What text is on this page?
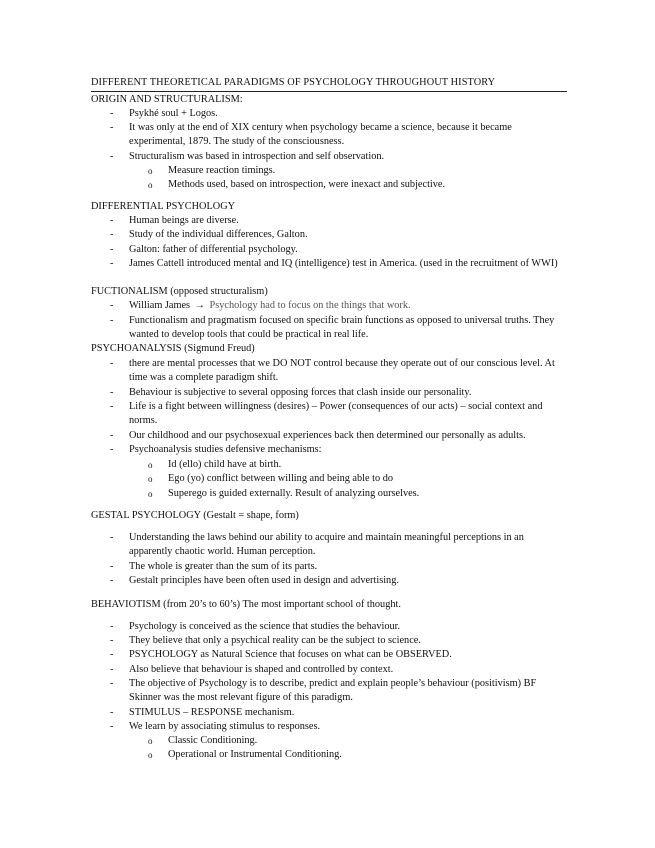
DIFFERENT THEORETICAL PARADIGMS OF PSYCHOLOGY THROUGHOUT HISTORY
ORIGIN AND STRUCTURALISM:
- Psykhé soul + Logos.
- It was only at the end of XIX century when psychology became a science, because it became experimental, 1879. The study of the consciousness.
- Structuralism was based in introspection and self observation.
o Measure reaction timings.
o Methods used, based on introspection, were inexact and subjective.
DIFFERENTIAL PSYCHOLOGY
- Human beings are diverse.
- Study of the individual differences, Galton.
- Galton: father of differential psychology.
- James Cattell introduced mental and IQ (intelligence) test in America. (used in the recruitment of WWI)
FUCTIONALISM (opposed structuralism)
- William James → Psychology had to focus on the things that work.
- Functionalism and pragmatism focused on specific brain functions as opposed to universal truths. They wanted to develop tools that could be practical in real life.
PSYCHOANALYSIS (Sigmund Freud)
- there are mental processes that we DO NOT control because they operate out of our conscious level. At time was a complete paradigm shift.
- Behaviour is subjective to several opposing forces that clash inside our personality.
- Life is a fight between willingness (desires) – Power (consequences of our acts) – social context and norms.
- Our childhood and our psychosexual experiences back then determined our personally as adults.
- Psychoanalysis studies defensive mechanisms:
o Id (ello) child have at birth.
o Ego (yo) conflict between willing and being able to do
o Superego is guided externally. Result of analyzing ourselves.
GESTAL PSYCHOLOGY (Gestalt = shape, form)
- Understanding the laws behind our ability to acquire and maintain meaningful perceptions in an apparently chaotic world. Human perception.
- The whole is greater than the sum of its parts.
- Gestalt principles have been often used in design and advertising.
BEHAVIOTISM (from 20’s to 60’s) The most important school of thought.
- Psychology is conceived as the science that studies the behaviour.
- They believe that only a psychical reality can be the subject to science.
- PSYCHOLOGY as Natural Science that focuses on what can be OBSERVED.
- Also believe that behaviour is shaped and controlled by context.
- The objective of Psychology is to describe, predict and explain people’s behaviour (positivism) BF Skinner was the most relevant figure of this paradigm.
- STIMULUS – RESPONSE mechanism.
- We learn by associating stimulus to responses.
o Classic Conditioning.
o Operational or Instrumental Conditioning.
